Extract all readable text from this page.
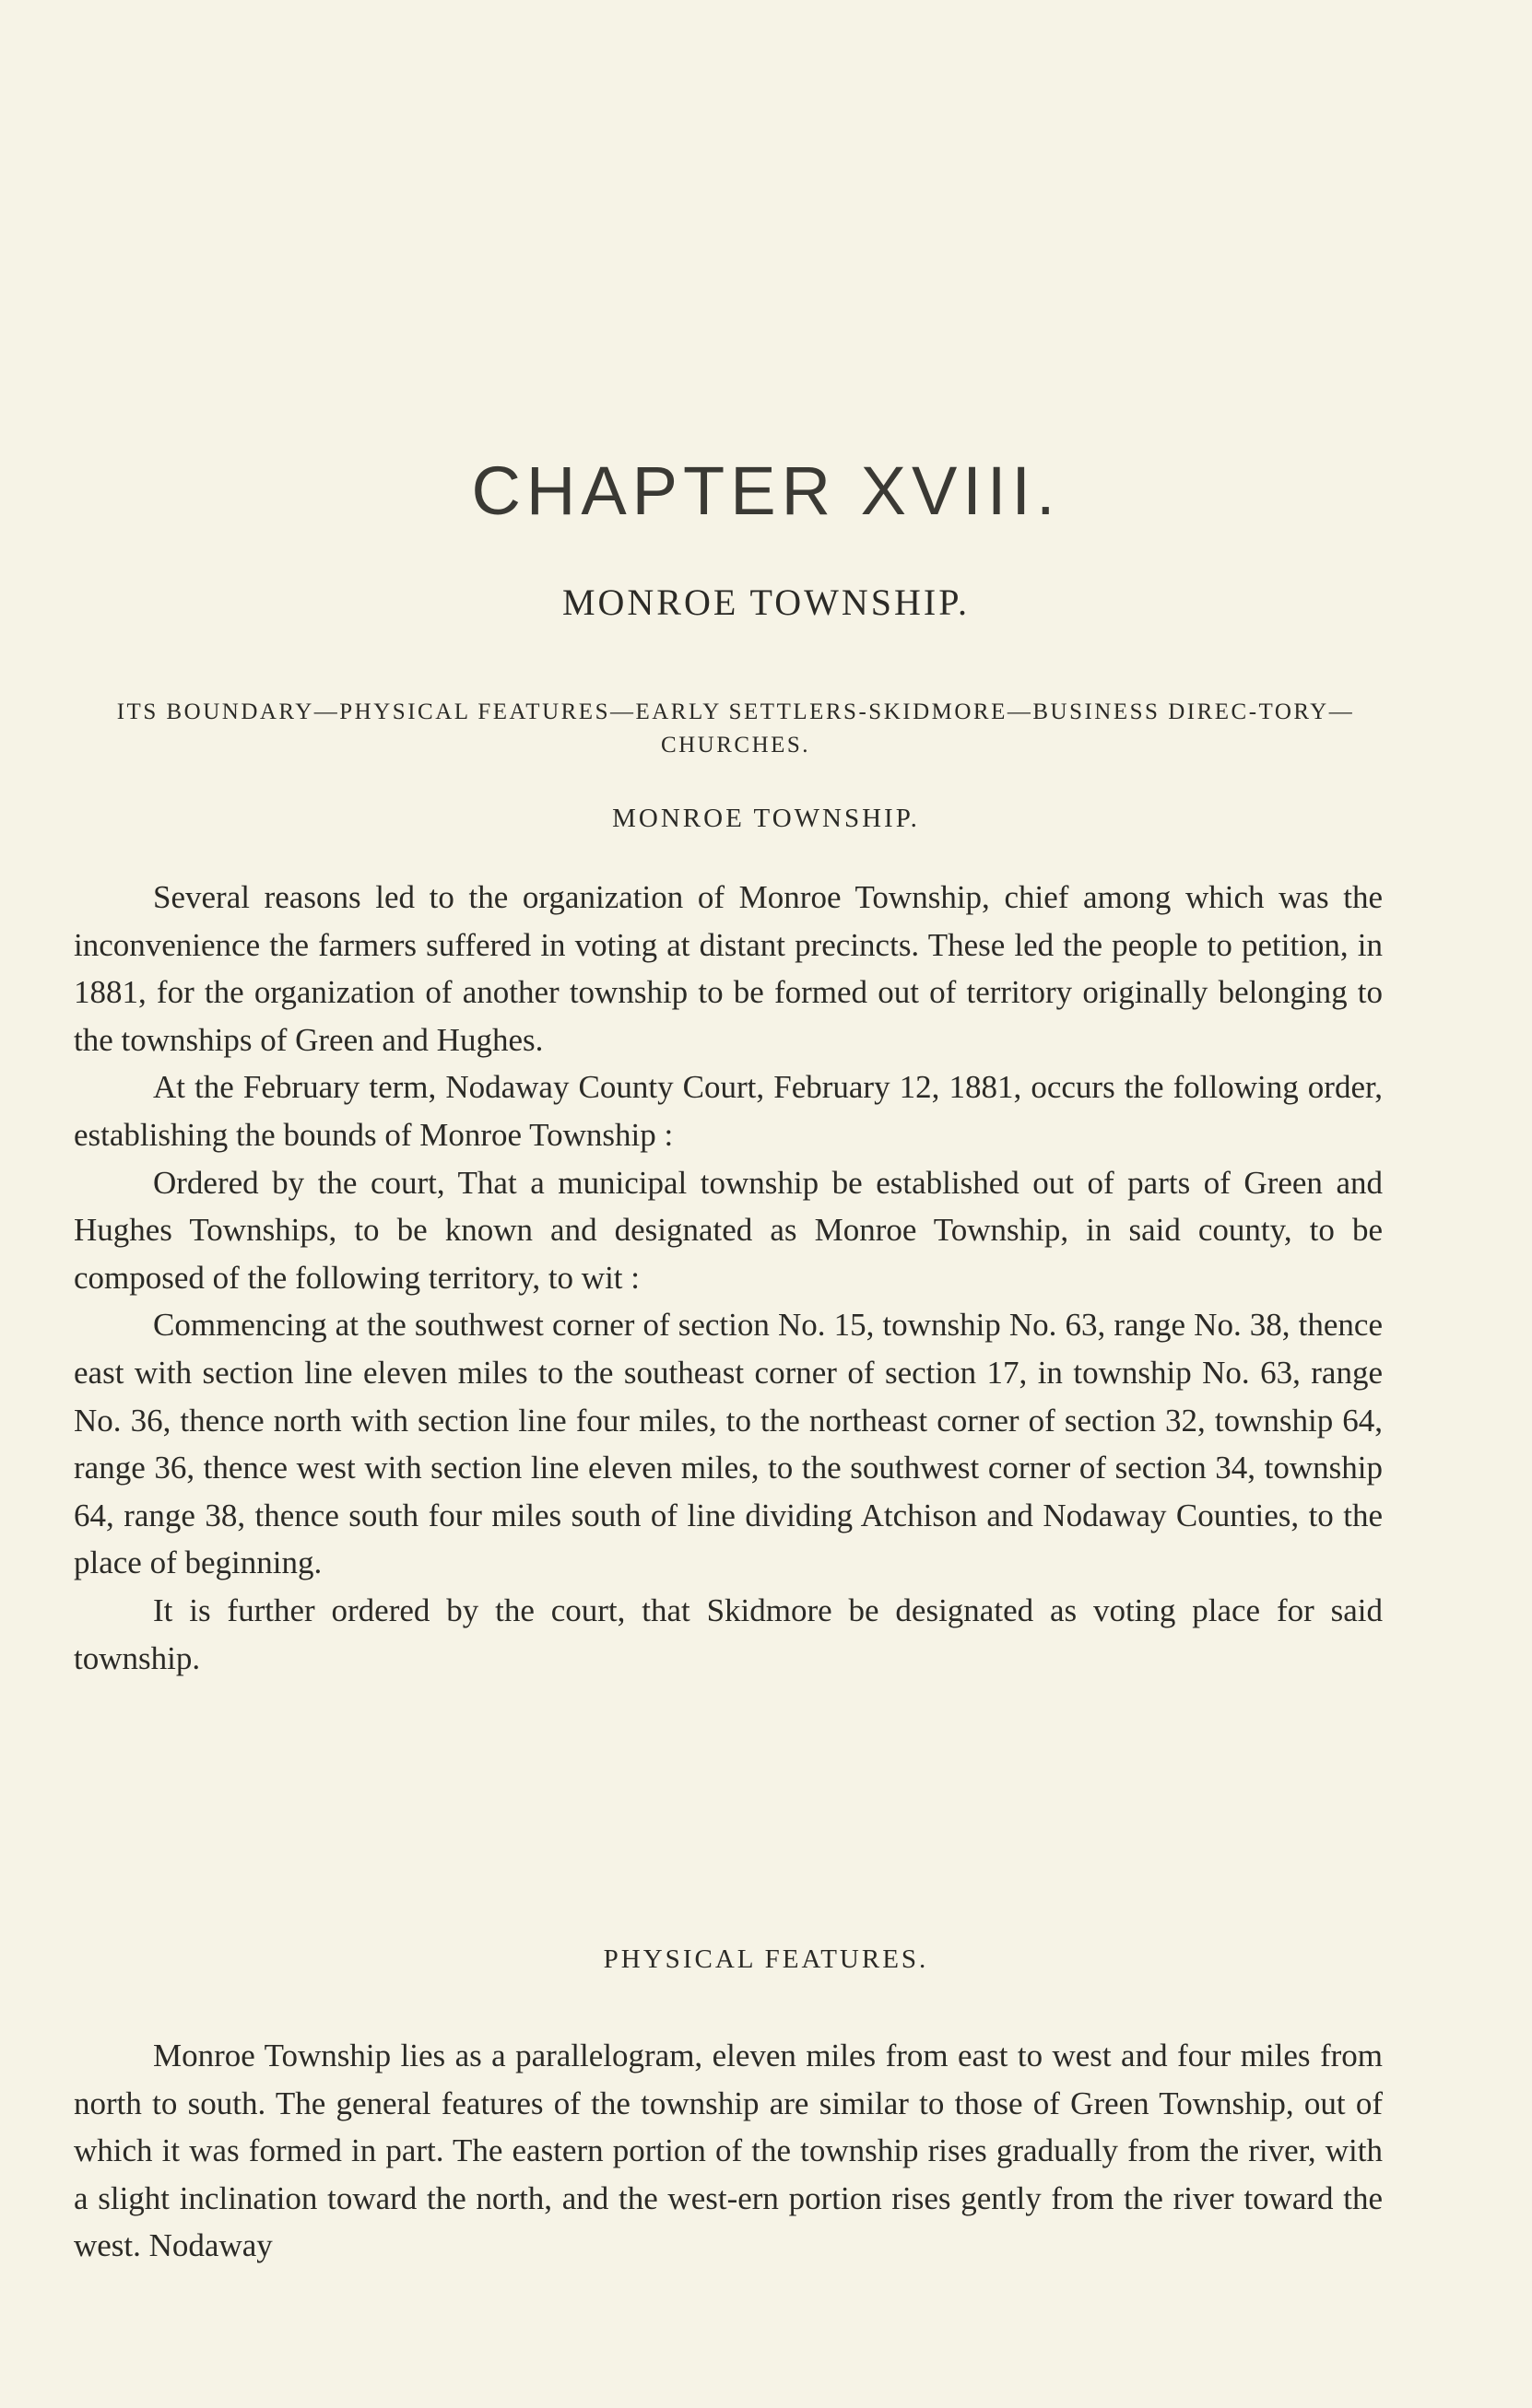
CHAPTER XVIII.
MONROE TOWNSHIP.
ITS BOUNDARY—PHYSICAL FEATURES—EARLY SETTLERS-SKIDMORE—BUSINESS DIREC-TORY—CHURCHES.
MONROE TOWNSHIP.

Several reasons led to the organization of Monroe Township, chief among which was the inconvenience the farmers suffered in voting at distant precincts. These led the people to petition, in 1881, for the organization of another township to be formed out of territory originally belonging to the townships of Green and Hughes.

At the February term, Nodaway County Court, February 12, 1881, occurs the following order, establishing the bounds of Monroe Township :

Ordered by the court, That a municipal township be established out of parts of Green and Hughes Townships, to be known and designated as Monroe Township, in said county, to be composed of the following territory, to wit :

Commencing at the southwest corner of section No. 15, township No. 63, range No. 38, thence east with section line eleven miles to the southeast corner of section 17, in township No. 63, range No. 36, thence north with section line four miles, to the northeast corner of section 32, township 64, range 36, thence west with section line eleven miles, to the southwest corner of section 34, township 64, range 38, thence south four miles south of line dividing Atchison and Nodaway Counties, to the place of beginning.

It is further ordered by the court, that Skidmore be designated as voting place for said township.

PHYSICAL FEATURES.

Monroe Township lies as a parallelogram, eleven miles from east to west and four miles from north to south. The general features of the township are similar to those of Green Township, out of which it was formed in part. The eastern portion of the township rises gradually from the river, with a slight inclination toward the north, and the west-ern portion rises gently from the river toward the west. Nodaway
